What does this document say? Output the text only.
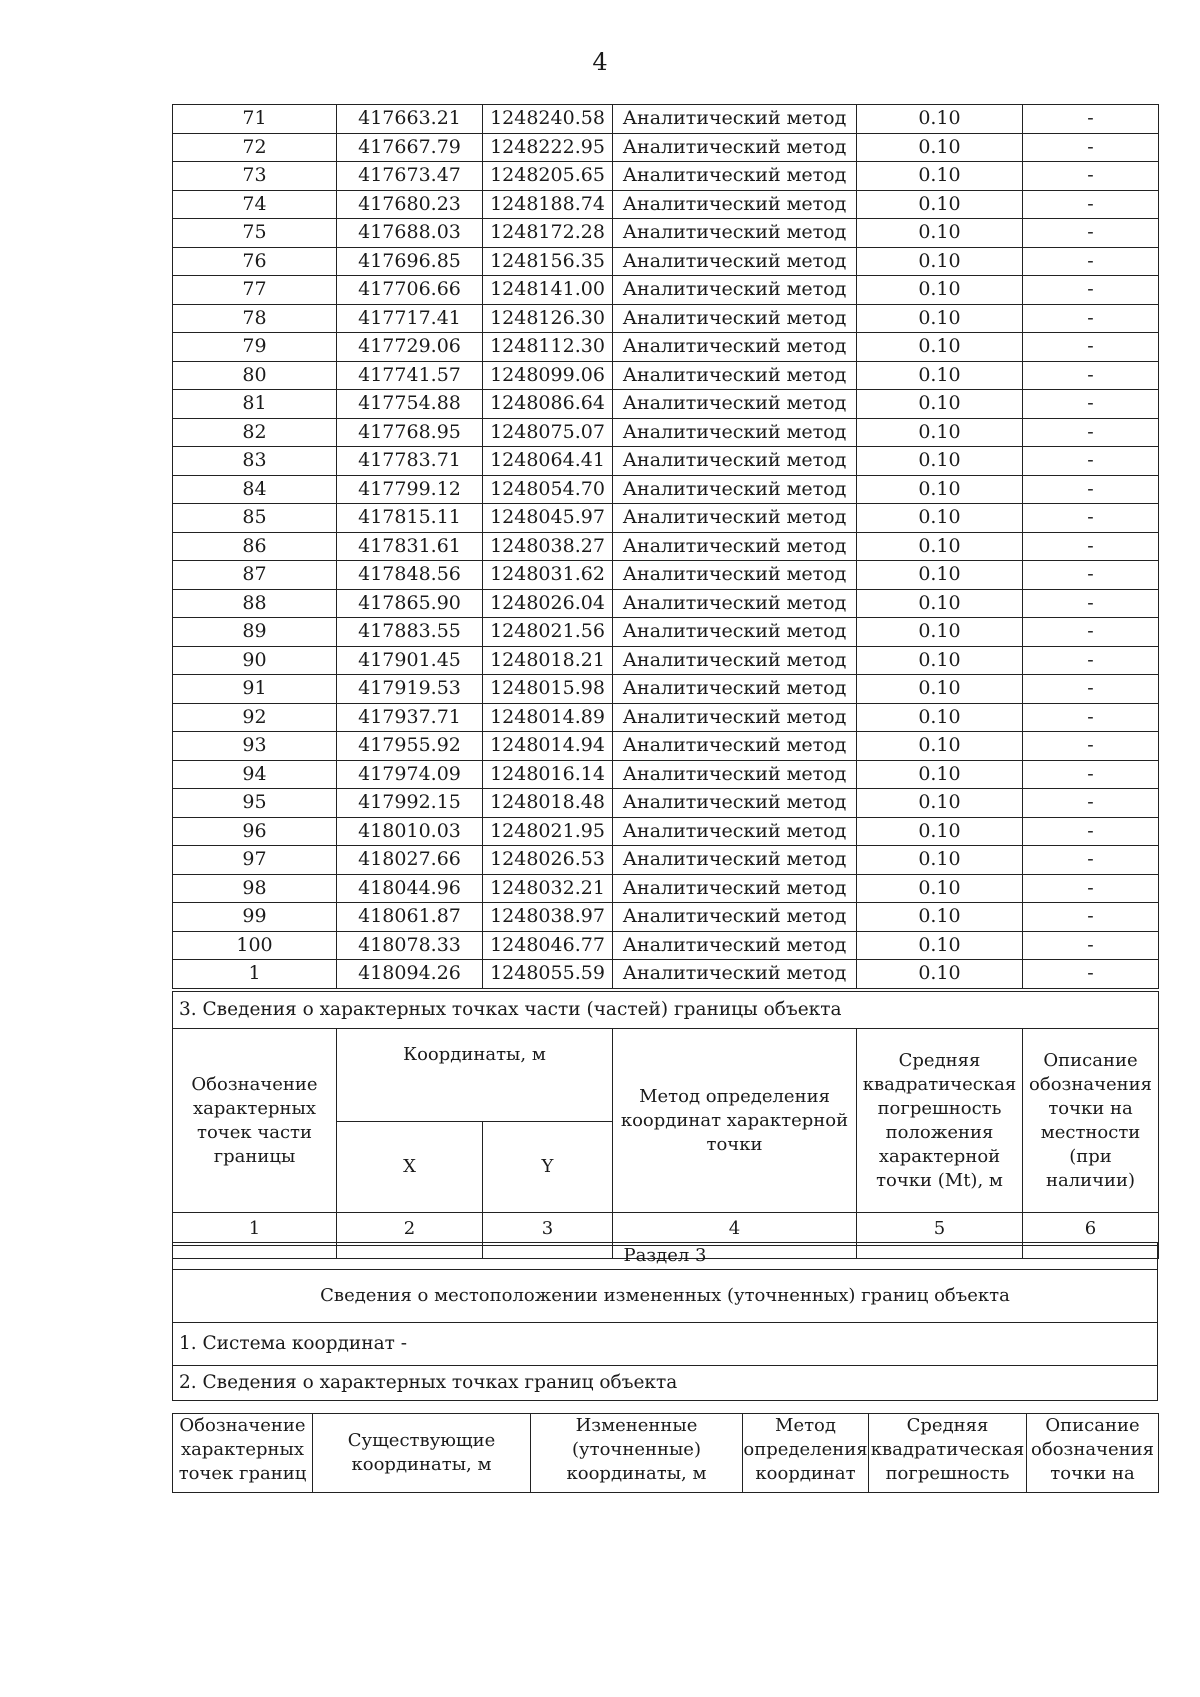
4
71	417663.21	1248240.58	Аналитический метод	0.10	-
72	417667.79	1248222.95	Аналитический метод	0.10	-
73	417673.47	1248205.65	Аналитический метод	0.10	-
74	417680.23	1248188.74	Аналитический метод	0.10	-
75	417688.03	1248172.28	Аналитический метод	0.10	-
76	417696.85	1248156.35	Аналитический метод	0.10	-
77	417706.66	1248141.00	Аналитический метод	0.10	-
78	417717.41	1248126.30	Аналитический метод	0.10	-
79	417729.06	1248112.30	Аналитический метод	0.10	-
80	417741.57	1248099.06	Аналитический метод	0.10	-
81	417754.88	1248086.64	Аналитический метод	0.10	-
82	417768.95	1248075.07	Аналитический метод	0.10	-
83	417783.71	1248064.41	Аналитический метод	0.10	-
84	417799.12	1248054.70	Аналитический метод	0.10	-
85	417815.11	1248045.97	Аналитический метод	0.10	-
86	417831.61	1248038.27	Аналитический метод	0.10	-
87	417848.56	1248031.62	Аналитический метод	0.10	-
88	417865.90	1248026.04	Аналитический метод	0.10	-
89	417883.55	1248021.56	Аналитический метод	0.10	-
90	417901.45	1248018.21	Аналитический метод	0.10	-
91	417919.53	1248015.98	Аналитический метод	0.10	-
92	417937.71	1248014.89	Аналитический метод	0.10	-
93	417955.92	1248014.94	Аналитический метод	0.10	-
94	417974.09	1248016.14	Аналитический метод	0.10	-
95	417992.15	1248018.48	Аналитический метод	0.10	-
96	418010.03	1248021.95	Аналитический метод	0.10	-
97	418027.66	1248026.53	Аналитический метод	0.10	-
98	418044.96	1248032.21	Аналитический метод	0.10	-
99	418061.87	1248038.97	Аналитический метод	0.10	-
100	418078.33	1248046.77	Аналитический метод	0.10	-
1	418094.26	1248055.59	Аналитический метод	0.10	-
3. Сведения о характерных точках части (частей) границы объекта					
Обозначение характерных точек части границы	Координаты, м		Метод определения координат характерной точки	Средняя квадратическая погрешность положения характерной точки (Mt), м	Описание обозначения точки на местности (при наличии)
	X	Y			
1	2	3	4	5	6

Раздел 3
Сведения о местоположении измененных (уточненных) границ объекта
1. Система координат -
2. Сведения о характерных точках границ объекта
Обозначение характерных точек границ	Существующие координаты, м	Измененные (уточненные) координаты, м	Метод определения координат	Средняя квадратическая погрешность	Описание обозначения точки на
